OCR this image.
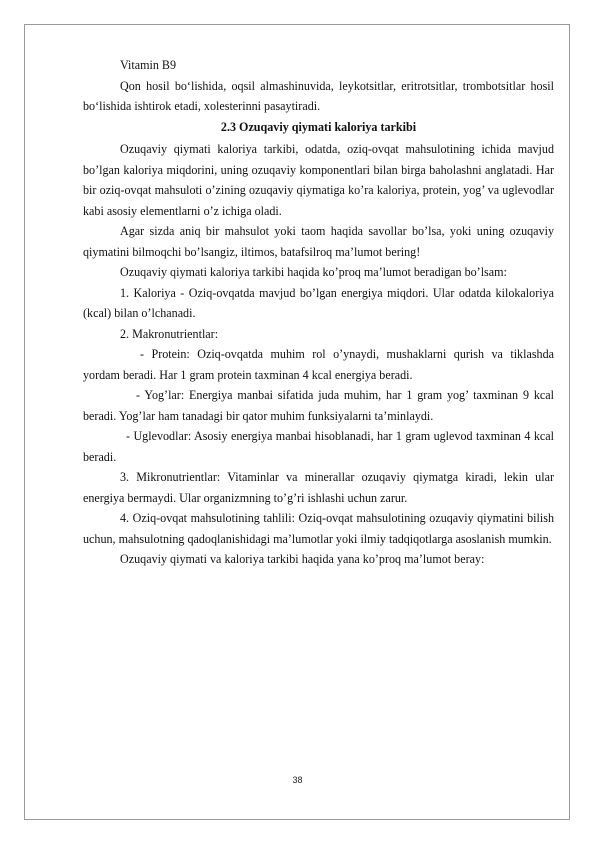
Vitamin B9

Qon hosil bo‘lishida, oqsil almashinuvida, leykotsitlar, eritrotsitlar, trombotsitlar hosil bo‘lishida ishtirok etadi, xolesterinni pasaytiradi.

2.3 Ozuqaviy qiymati kaloriya tarkibi

Ozuqaviy qiymati kaloriya tarkibi, odatda, oziq-ovqat mahsulotining ichida mavjud bo’lgan kaloriya miqdorini, uning ozuqaviy komponentlari bilan birga baholashni anglatadi. Har bir oziq-ovqat mahsuloti o’zining ozuqaviy qiymatiga ko’ra kaloriya, protein, yog’ va uglevodlar kabi asosiy elementlarni o’z ichiga oladi.

Agar sizda aniq bir mahsulot yoki taom haqida savollar bo’lsa, yoki uning ozuqaviy qiymatini bilmoqchi bo’lsangiz, iltimos, batafsilroq ma’lumot bering!

Ozuqaviy qiymati kaloriya tarkibi haqida ko’proq ma’lumot beradigan bo’lsam:

1. Kaloriya - Oziq-ovqatda mavjud bo’lgan energiya miqdori. Ular odatda kilokaloriya (kcal) bilan o’lchanadi.

2. Makronutrientlar:

- Protein: Oziq-ovqatda muhim rol o’ynaydi, mushaklarni qurish va tiklashda yordam beradi. Har 1 gram protein taxminan 4 kcal energiya beradi.

- Yog’lar: Energiya manbai sifatida juda muhim, har 1 gram yog’ taxminan 9 kcal beradi. Yog’lar ham tanadagi bir qator muhim funksiyalarni ta’minlaydi.

- Uglevodlar: Asosiy energiya manbai hisoblanadi, har 1 gram uglevod taxminan 4 kcal beradi.

3. Mikronutrientlar: Vitaminlar va minerallar ozuqaviy qiymatga kiradi, lekin ular energiya bermaydi. Ular organizmning to’g’ri ishlashi uchun zarur.

4. Oziq-ovqat mahsulotining tahlili: Oziq-ovqat mahsulotining ozuqaviy qiymatini bilish uchun, mahsulotning qadoqlanishidagi ma’lumotlar yoki ilmiy tadqiqotlarga asoslanish mumkin.

Ozuqaviy qiymati va kaloriya tarkibi haqida yana ko’proq ma’lumot beray:

38
